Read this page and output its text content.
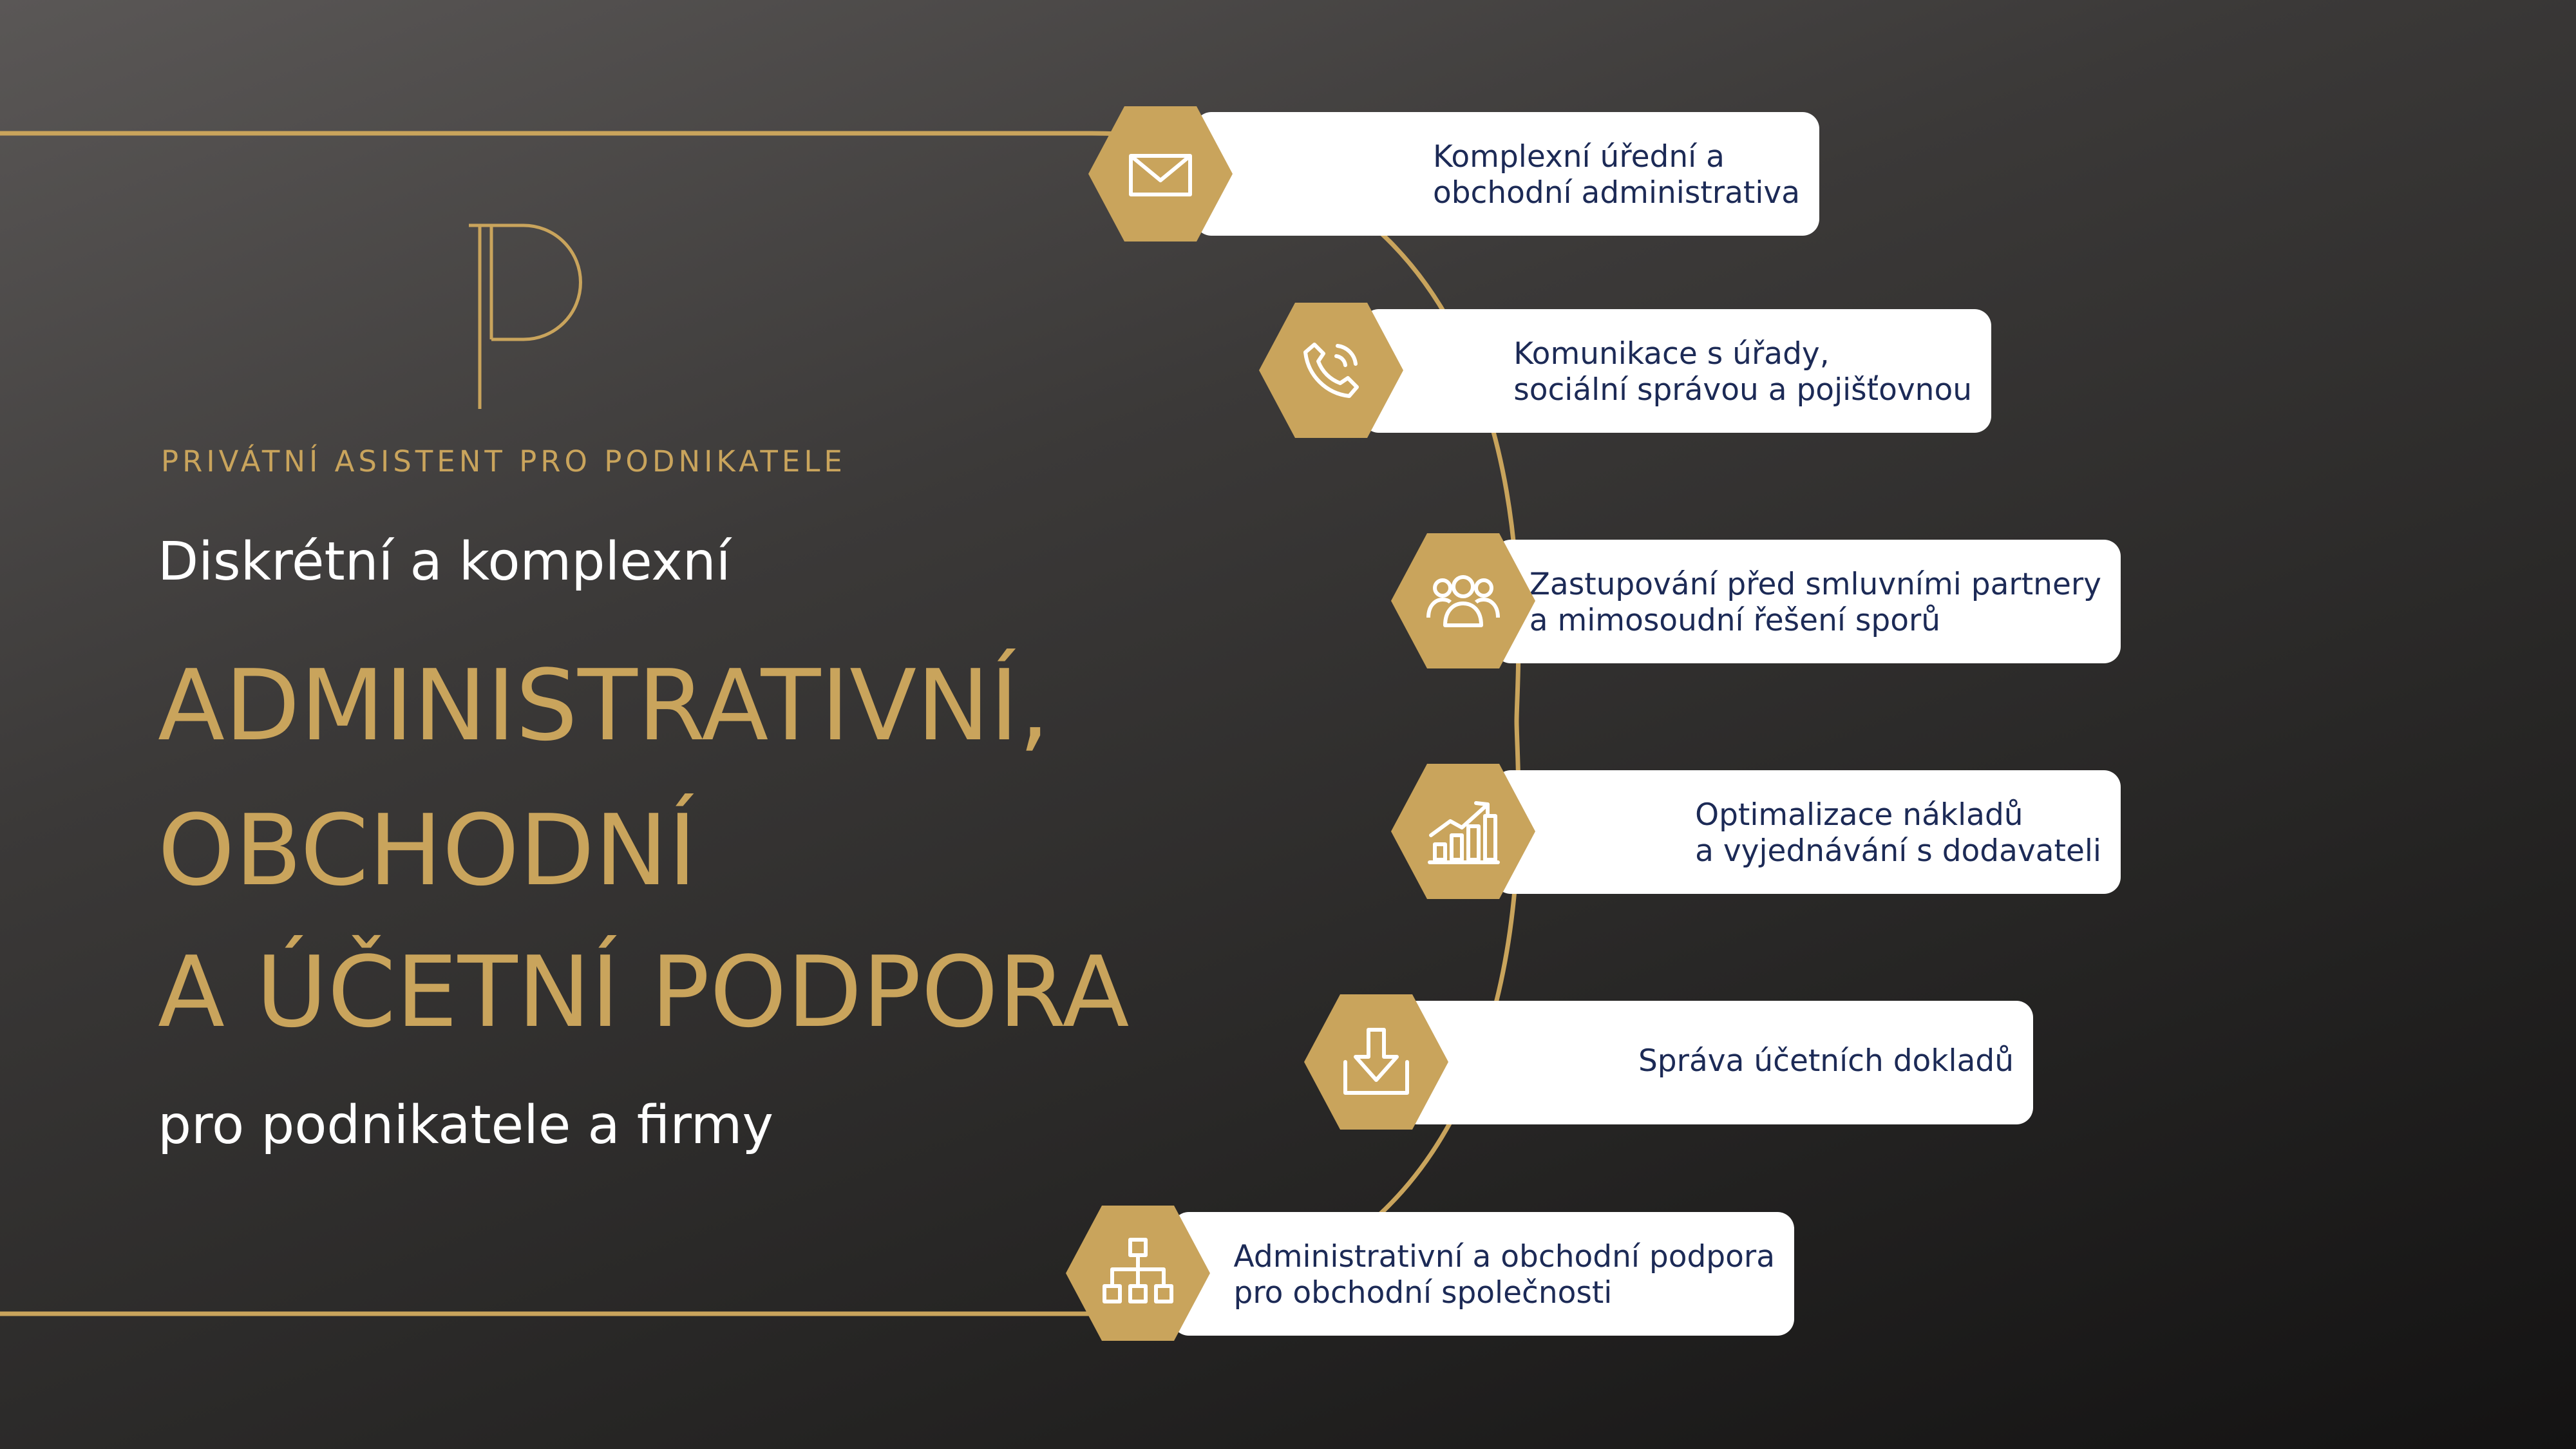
PRIVÁTNÍ ASISTENT PRO PODNIKATELE
Diskrétní a komplexní
ADMINISTRATIVNÍ,
OBCHODNÍ
A ÚČETNÍ PODPORA
pro podnikatele a firmy
Komplexní úřední a
obchodní administrativa
Komunikace s úřady,
sociální správou a pojišťovnou
Zastupování před smluvními partnery
a mimosoudní řešení sporů
Optimalizace nákladů
a vyjednávání s dodavateli
Správa účetních dokladů
Administrativní a obchodní podpora
pro obchodní společnosti
